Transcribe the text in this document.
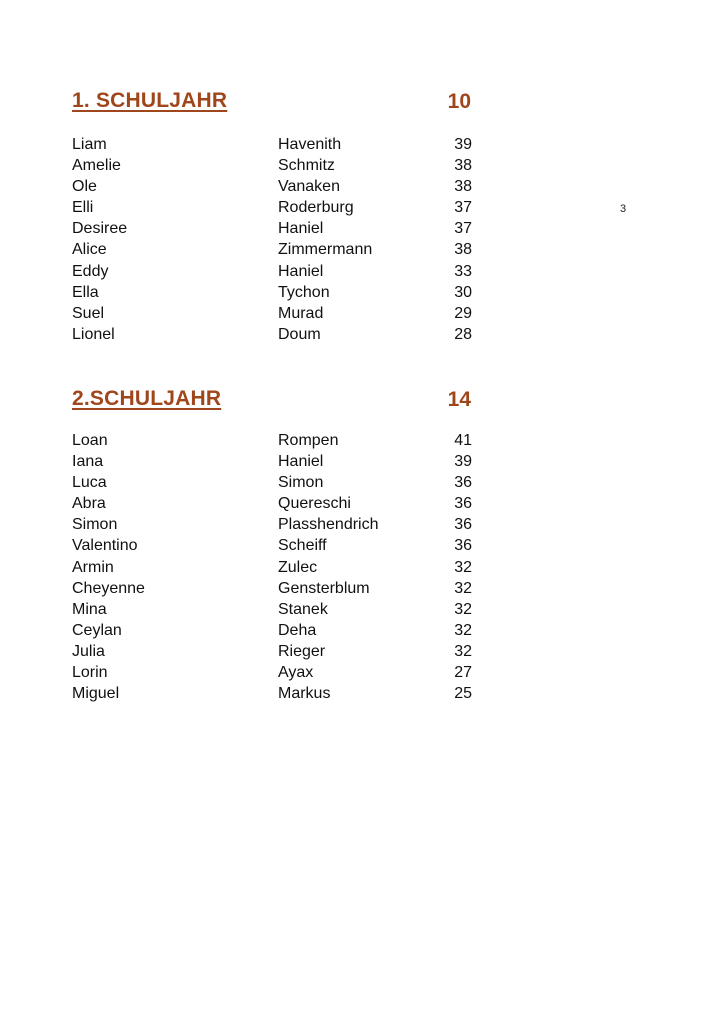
3
1. SCHULJAHR	10
Liam	Havenith	39
Amelie	Schmitz	38
Ole	Vanaken	38
Elli	Roderburg	37
Desiree	Haniel	37
Alice	Zimmermann	38
Eddy	Haniel	33
Ella	Tychon	30
Suel	Murad	29
Lionel	Doum	28
2.SCHULJAHR	14
Loan	Rompen	41
Iana	Haniel	39
Luca	Simon	36
Abra	Quereschi	36
Simon	Plasshendrich	36
Valentino	Scheiff	36
Armin	Zulec	32
Cheyenne	Gensterblum	32
Mina	Stanek	32
Ceylan	Deha	32
Julia	Rieger	32
Lorin	Ayax	27
Miguel	Markus	25
